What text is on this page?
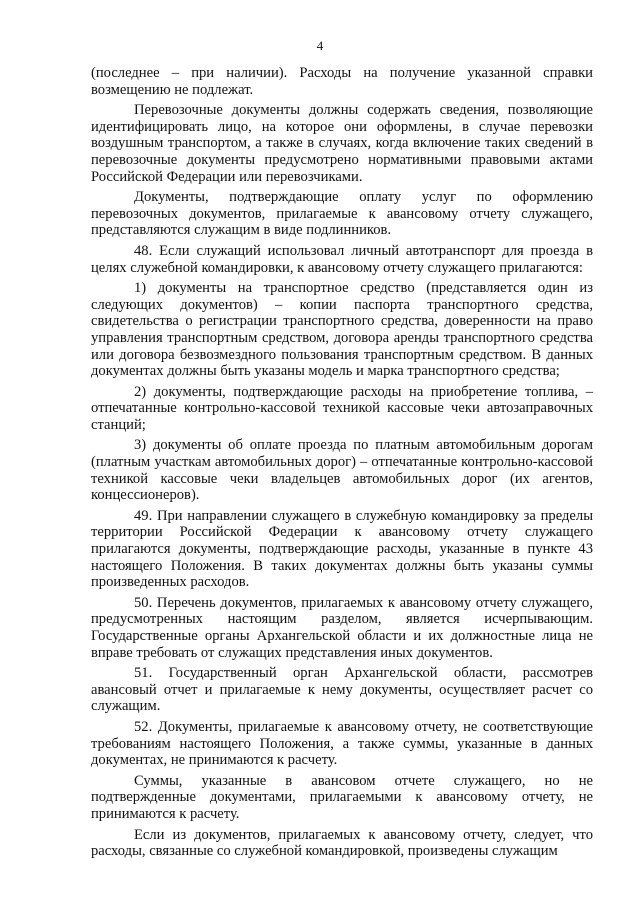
4

(последнее – при наличии). Расходы на получение указанной справки возмещению не подлежат.

Перевозочные документы должны содержать сведения, позволяющие идентифицировать лицо, на которое они оформлены, в случае перевозки воздушным транспортом, а также в случаях, когда включение таких сведений в перевозочные документы предусмотрено нормативными правовыми актами Российской Федерации или перевозчиками.

Документы, подтверждающие оплату услуг по оформлению перевозочных документов, прилагаемые к авансовому отчету служащего, представляются служащим в виде подлинников.

48. Если служащий использовал личный автотранспорт для проезда в целях служебной командировки, к авансовому отчету служащего прилагаются:

1) документы на транспортное средство (представляется один из следующих документов) – копии паспорта транспортного средства, свидетельства о регистрации транспортного средства, доверенности на право управления транспортным средством, договора аренды транспортного средства или договора безвозмездного пользования транспортным средством. В данных документах должны быть указаны модель и марка транспортного средства;

2) документы, подтверждающие расходы на приобретение топлива, – отпечатанные контрольно-кассовой техникой кассовые чеки автозаправочных станций;

3) документы об оплате проезда по платным автомобильным дорогам (платным участкам автомобильных дорог) – отпечатанные контрольно-кассовой техникой кассовые чеки владельцев автомобильных дорог (их агентов, концессионеров).

49. При направлении служащего в служебную командировку за пределы территории Российской Федерации к авансовому отчету служащего прилагаются документы, подтверждающие расходы, указанные в пункте 43 настоящего Положения. В таких документах должны быть указаны суммы произведенных расходов.

50. Перечень документов, прилагаемых к авансовому отчету служащего, предусмотренных настоящим разделом, является исчерпывающим. Государственные органы Архангельской области и их должностные лица не вправе требовать от служащих представления иных документов.

51. Государственный орган Архангельской области, рассмотрев авансовый отчет и прилагаемые к нему документы, осуществляет расчет со служащим.

52. Документы, прилагаемые к авансовому отчету, не соответствующие требованиям настоящего Положения, а также суммы, указанные в данных документах, не принимаются к расчету.

Суммы, указанные в авансовом отчете служащего, но не подтвержденные документами, прилагаемыми к авансовому отчету, не принимаются к расчету.

Если из документов, прилагаемых к авансовому отчету, следует, что расходы, связанные со служебной командировкой, произведены служащим
